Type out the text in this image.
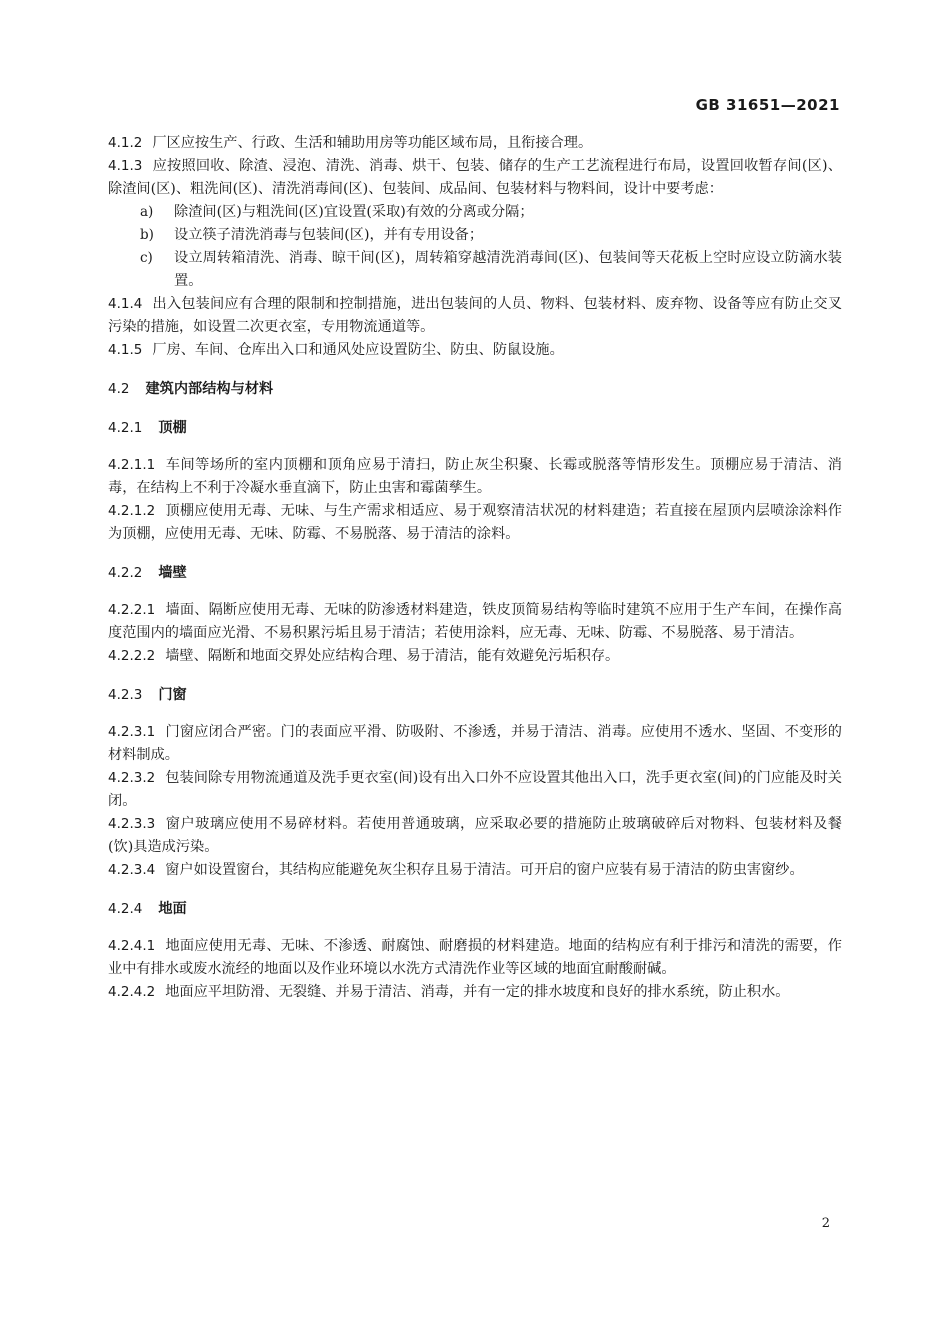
GB 31651—2021

4.1.2 厂区应按生产、行政、生活和辅助用房等功能区域布局，且衔接合理。

4.1.3 应按照回收、除渣、浸泡、清洗、消毒、烘干、包装、储存的生产工艺流程进行布局，设置回收暂存间(区)、除渣间(区)、粗洗间(区)、清洗消毒间(区)、包装间、成品间、包装材料与物料间，设计中要考虑：

a) 除渣间(区)与粗洗间(区)宜设置(采取)有效的分离或分隔；

b) 设立筷子清洗消毒与包装间(区)，并有专用设备；

c) 设立周转箱清洗、消毒、晾干间(区)，周转箱穿越清洗消毒间(区)、包装间等天花板上空时应设立防滴水装置。

4.1.4 出入包装间应有合理的限制和控制措施，进出包装间的人员、物料、包装材料、废弃物、设备等应有防止交叉污染的措施，如设置二次更衣室，专用物流通道等。

4.1.5 厂房、车间、仓库出入口和通风处应设置防尘、防虫、防鼠设施。

4.2 建筑内部结构与材料
4.2.1 顶棚

4.2.1.1 车间等场所的室内顶棚和顶角应易于清扫，防止灰尘积聚、长霉或脱落等情形发生。顶棚应易于清洁、消毒，在结构上不利于冷凝水垂直滴下，防止虫害和霉菌孳生。

4.2.1.2 顶棚应使用无毒、无味、与生产需求相适应、易于观察清洁状况的材料建造；若直接在屋顶内层喷涂涂料作为顶棚，应使用无毒、无味、防霉、不易脱落、易于清洁的涂料。

4.2.2 墙壁

4.2.2.1 墙面、隔断应使用无毒、无味的防渗透材料建造，铁皮顶简易结构等临时建筑不应用于生产车间，在操作高度范围内的墙面应光滑、不易积累污垢且易于清洁；若使用涂料，应无毒、无味、防霉、不易脱落、易于清洁。

4.2.2.2 墙壁、隔断和地面交界处应结构合理、易于清洁，能有效避免污垢积存。

4.2.3 门窗

4.2.3.1 门窗应闭合严密。门的表面应平滑、防吸附、不渗透，并易于清洁、消毒。应使用不透水、坚固、不变形的材料制成。

4.2.3.2 包装间除专用物流通道及洗手更衣室(间)设有出入口外不应设置其他出入口，洗手更衣室(间)的门应能及时关闭。

4.2.3.3 窗户玻璃应使用不易碎材料。若使用普通玻璃，应采取必要的措施防止玻璃破碎后对物料、包装材料及餐(饮)具造成污染。

4.2.3.4 窗户如设置窗台，其结构应能避免灰尘积存且易于清洁。可开启的窗户应装有易于清洁的防虫害窗纱。

4.2.4 地面

4.2.4.1 地面应使用无毒、无味、不渗透、耐腐蚀、耐磨损的材料建造。地面的结构应有利于排污和清洗的需要，作业中有排水或废水流经的地面以及作业环境以水洗方式清洗作业等区域的地面宜耐酸耐碱。

4.2.4.2 地面应平坦防滑、无裂缝、并易于清洁、消毒，并有一定的排水坡度和良好的排水系统，防止积水。

2
